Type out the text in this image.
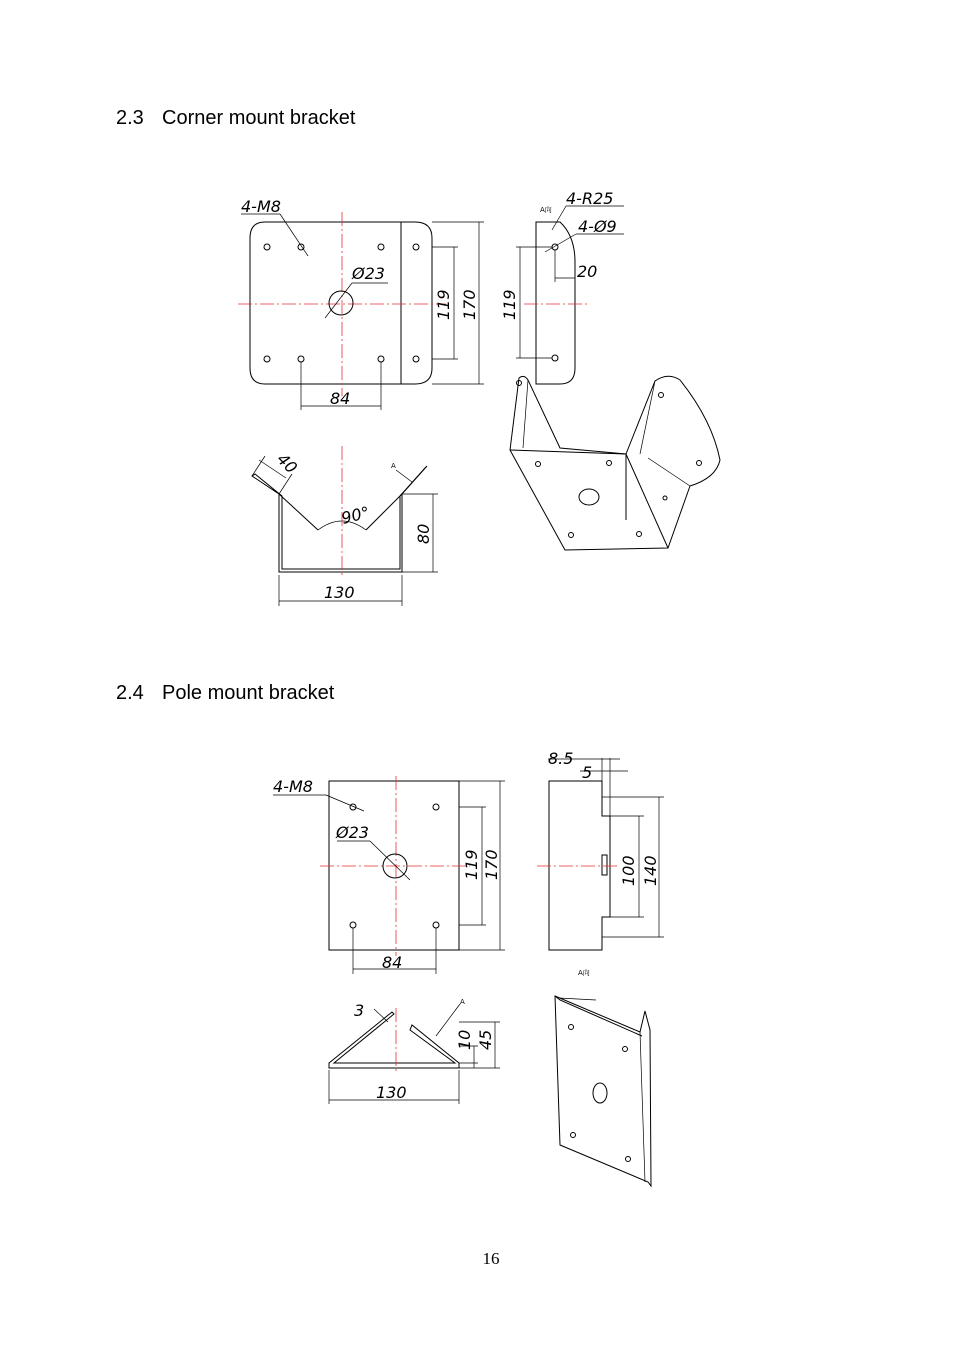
2.3 Corner mount bracket
4-M8
Ø23
119 170
84
A向
4-R25
4-Ø9
20
119
40
90°
A
80
130
2.4 Pole mount bracket
4-M8
Ø23
119 170
84
8.5
5
100 140
A向
3	A
10 45
130
16
